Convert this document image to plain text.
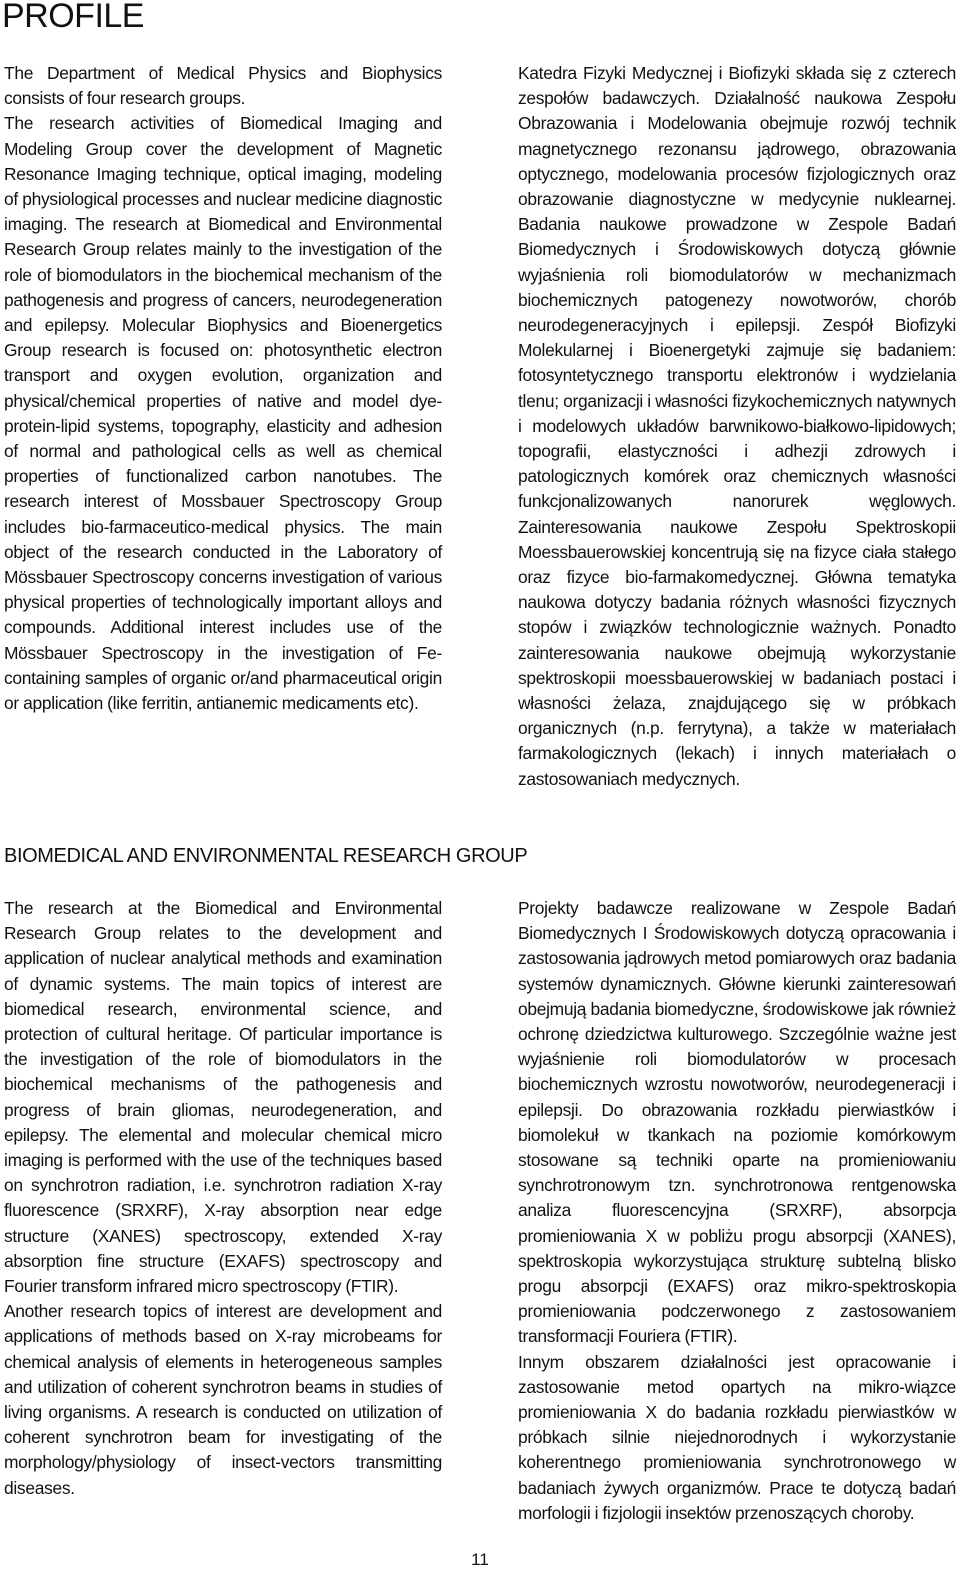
PROFILE

The Department of Medical Physics and Biophysics consists of four research groups.

The research activities of Biomedical Imaging and Modeling Group cover the development of Magnetic Resonance Imaging technique, optical imaging, modeling of physiological processes and nuclear medicine diagnostic imaging. The research at Biomedical and Environmental Research Group relates mainly to the investigation of the role of biomodulators in the biochemical mechanism of the pathogenesis and progress of cancers, neurodegeneration and epilepsy. Molecular Biophysics and Bioenergetics Group research is focused on: photosynthetic electron transport and oxygen evolution, organization and physical/chemical properties of native and model dye-protein-lipid systems, topography, elasticity and adhesion of normal and pathological cells as well as chemical properties of functionalized carbon nanotubes. The research interest of Mossbauer Spectroscopy Group includes bio-farmaceutico-medical physics. The main object of the research conducted in the Laboratory of Mössbauer Spectroscopy concerns investigation of various physical properties of technologically important alloys and compounds. Additional interest includes use of the Mössbauer Spectroscopy in the investigation of Fe-containing samples of organic or/and pharmaceutical origin or application (like ferritin, antianemic medicaments etc).

Katedra Fizyki Medycznej i Biofizyki składa się z czterech zespołów badawczych. Działalność naukowa Zespołu Obrazowania i Modelowania obejmuje rozwój technik magnetycznego rezonansu jądrowego, obrazowania optycznego, modelowania procesów fizjologicznych oraz obrazowanie diagnostyczne w medycynie nuklearnej. Badania naukowe prowadzone w Zespole Badań Biomedycznych i Środowiskowych dotyczą głównie wyjaśnienia roli biomodulatorów w mechanizmach biochemicznych patogenezy nowotworów, chorób neurodegeneracyjnych i epilepsji. Zespół Biofizyki Molekularnej i Bioenergetyki zajmuje się badaniem: fotosyntetycznego transportu elektronów i wydzielania tlenu; organizacji i własności fizykochemicznych natywnych i modelowych układów barwnikowo-białkowo-lipidowych; topografii, elastyczności i adhezji zdrowych i patologicznych komórek oraz chemicznych własności funkcjonalizowanych nanorurek węglowych. Zainteresowania naukowe Zespołu Spektroskopii Moessbauerowskiej koncentrują się na fizyce ciała stałego oraz fizyce bio-farmakomedycznej. Główna tematyka naukowa dotyczy badania różnych własności fizycznych stopów i związków technologicznie ważnych. Ponadto zainteresowania naukowe obejmują wykorzystanie spektroskopii moessbauerowskiej w badaniach postaci i własności żelaza, znajdującego się w próbkach organicznych (n.p. ferrytyna), a także w materiałach farmakologicznych (lekach) i innych materiałach o zastosowaniach medycznych.

BIOMEDICAL AND ENVIRONMENTAL RESEARCH GROUP

The research at the Biomedical and Environmental Research Group relates to the development and application of nuclear analytical methods and examination of dynamic systems. The main topics of interest are biomedical research, environmental science, and protection of cultural heritage. Of particular importance is the investigation of the role of biomodulators in the biochemical mechanisms of the pathogenesis and progress of brain gliomas, neurodegeneration, and epilepsy. The elemental and molecular chemical micro imaging is performed with the use of the techniques based on synchrotron radiation, i.e. synchrotron radiation X-ray fluorescence (SRXRF), X-ray absorption near edge structure (XANES) spectroscopy, extended X-ray absorption fine structure (EXAFS) spectroscopy and Fourier transform infrared micro spectroscopy (FTIR).

Another research topics of interest are development and applications of methods based on X-ray microbeams for chemical analysis of elements in heterogeneous samples and utilization of coherent synchrotron beams in studies of living organisms. A research is conducted on utilization of coherent synchrotron beam for investigating of the morphology/physiology of insect-vectors transmitting diseases.

Projekty badawcze realizowane w Zespole Badań Biomedycznych I Środowiskowych dotyczą opracowania i zastosowania jądrowych metod pomiarowych oraz badania systemów dynamicznych. Główne kierunki zainteresowań obejmują badania biomedyczne, środowiskowe jak również ochronę dziedzictwa kulturowego. Szczególnie ważne jest wyjaśnienie roli biomodulatorów w procesach biochemicznych wzrostu nowotworów, neurodegeneracji i epilepsji. Do obrazowania rozkładu pierwiastków i biomolekuł w tkankach na poziomie komórkowym stosowane są techniki oparte na promieniowaniu synchrotronowym tzn. synchrotronowa rentgenowska analiza fluorescencyjna (SRXRF), absorpcja promieniowania X w pobliżu progu absorpcji (XANES), spektroskopia wykorzystująca strukturę subtelną blisko progu absorpcji (EXAFS) oraz mikro-spektroskopia promieniowania podczerwonego z zastosowaniem transformacji Fouriera (FTIR).

Innym obszarem działalności jest opracowanie i zastosowanie metod opartych na mikro-wiązce promieniowania X do badania rozkładu pierwiastków w próbkach silnie niejednorodnych i wykorzystanie koherentnego promieniowania synchrotronowego w badaniach żywych organizmów. Prace te dotyczą badań morfologii i fizjologii insektów przenoszących choroby.

11
